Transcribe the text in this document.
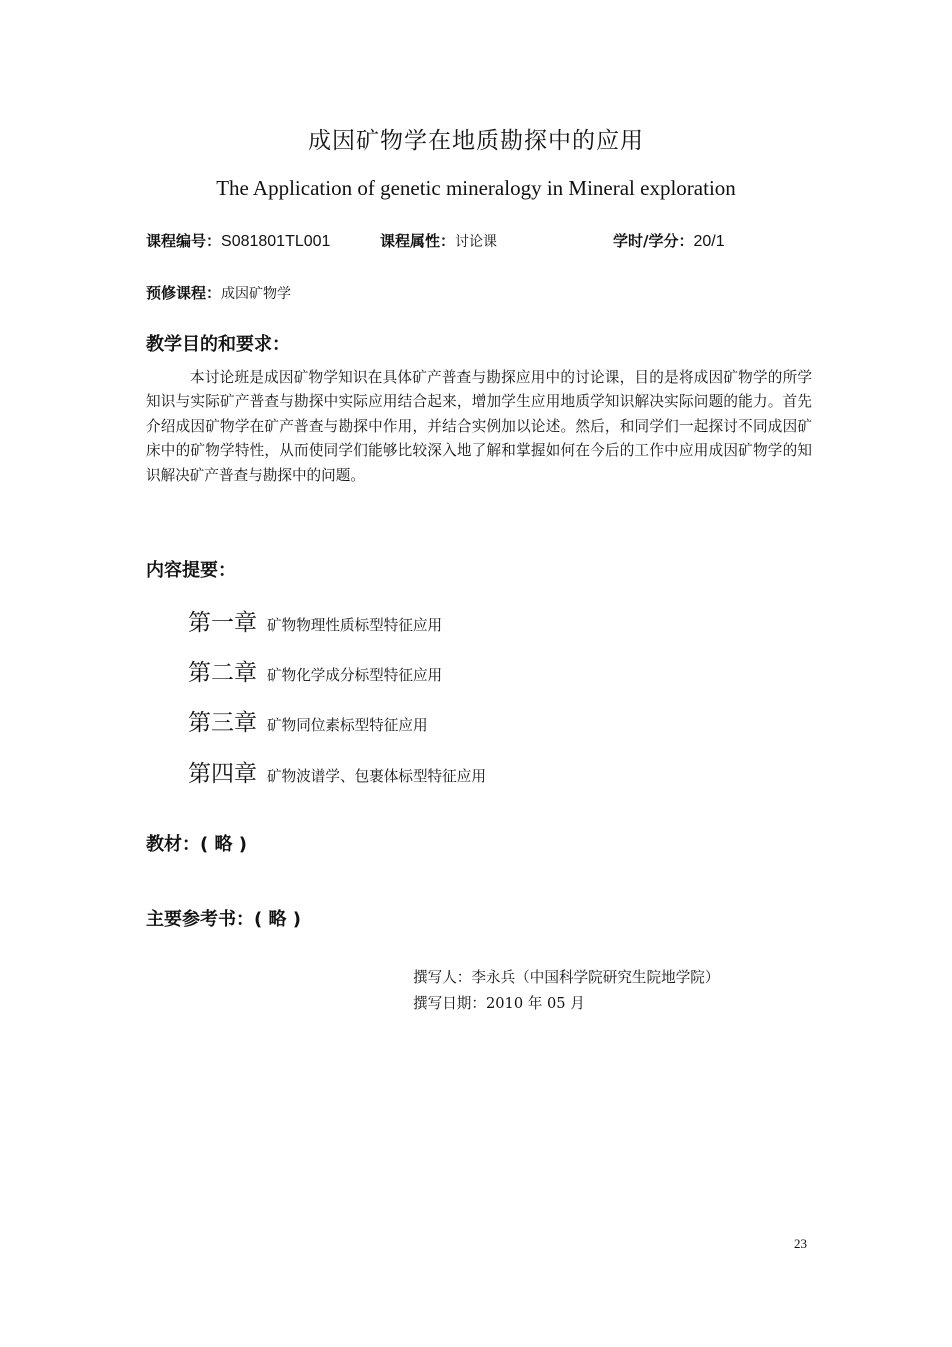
成因矿物学在地质勘探中的应用
The Application of genetic mineralogy in Mineral exploration
课程编号：S081801TL001	课程属性：讨论课	学时/学分：20/1
预修课程：成因矿物学
教学目的和要求：
本讨论班是成因矿物学知识在具体矿产普查与勘探应用中的讨论课，目的是将成因矿物学的所学知识与实际矿产普查与勘探中实际应用结合起来，增加学生应用地质学知识解决实际问题的能力。首先介绍成因矿物学在矿产普查与勘探中作用，并结合实例加以论述。然后，和同学们一起探讨不同成因矿床中的矿物学特性，从而使同学们能够比较深入地了解和掌握如何在今后的工作中应用成因矿物学的知识解决矿产普查与勘探中的问题。
内容提要：
第一章 矿物物理性质标型特征应用
第二章 矿物化学成分标型特征应用
第三章 矿物同位素标型特征应用
第四章 矿物波谱学、包裹体标型特征应用
教材：( 略 )
主要参考书：( 略 )
撰写人：李永兵（中国科学院研究生院地学院）
撰写日期：2010 年 05 月
23
